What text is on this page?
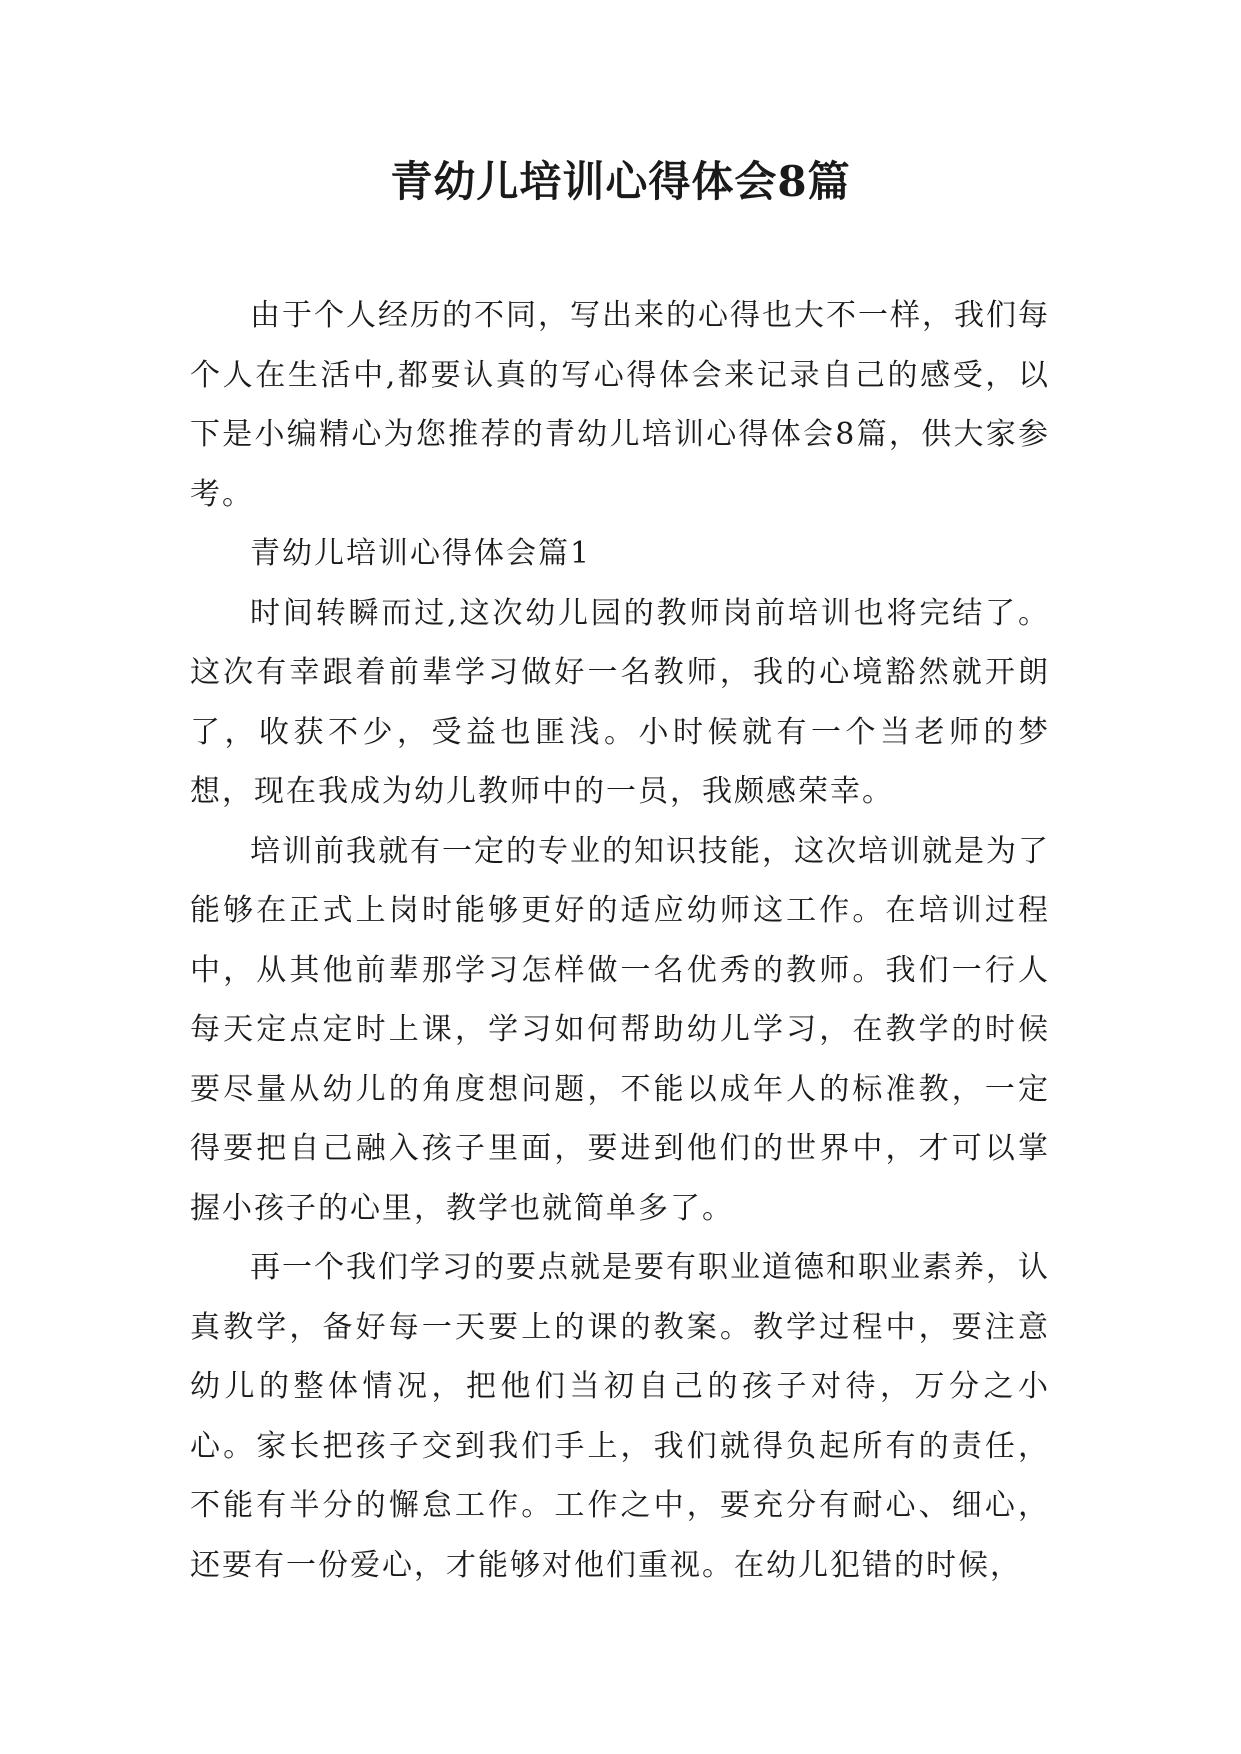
青幼儿培训心得体会8篇

由于个人经历的不同，写出来的心得也大不一样，我们每个人在生活中,都要认真的写心得体会来记录自己的感受，以下是小编精心为您推荐的青幼儿培训心得体会8篇，供大家参考。

青幼儿培训心得体会篇1

时间转瞬而过,这次幼儿园的教师岗前培训也将完结了。这次有幸跟着前辈学习做好一名教师，我的心境豁然就开朗了，收获不少，受益也匪浅。小时候就有一个当老师的梦想，现在我成为幼儿教师中的一员，我颇感荣幸。

培训前我就有一定的专业的知识技能，这次培训就是为了能够在正式上岗时能够更好的适应幼师这工作。在培训过程中，从其他前辈那学习怎样做一名优秀的教师。我们一行人每天定点定时上课，学习如何帮助幼儿学习，在教学的时候要尽量从幼儿的角度想问题，不能以成年人的标准教，一定得要把自己融入孩子里面，要进到他们的世界中，才可以掌握小孩子的心里，教学也就简单多了。

再一个我们学习的要点就是要有职业道德和职业素养，认真教学，备好每一天要上的课的教案。教学过程中，要注意幼儿的整体情况，把他们当初自己的孩子对待，万分之小心。家长把孩子交到我们手上，我们就得负起所有的责任，不能有半分的懈怠工作。工作之中，要充分有耐心、细心，还要有一份爱心，才能够对他们重视。在幼儿犯错的时候，
